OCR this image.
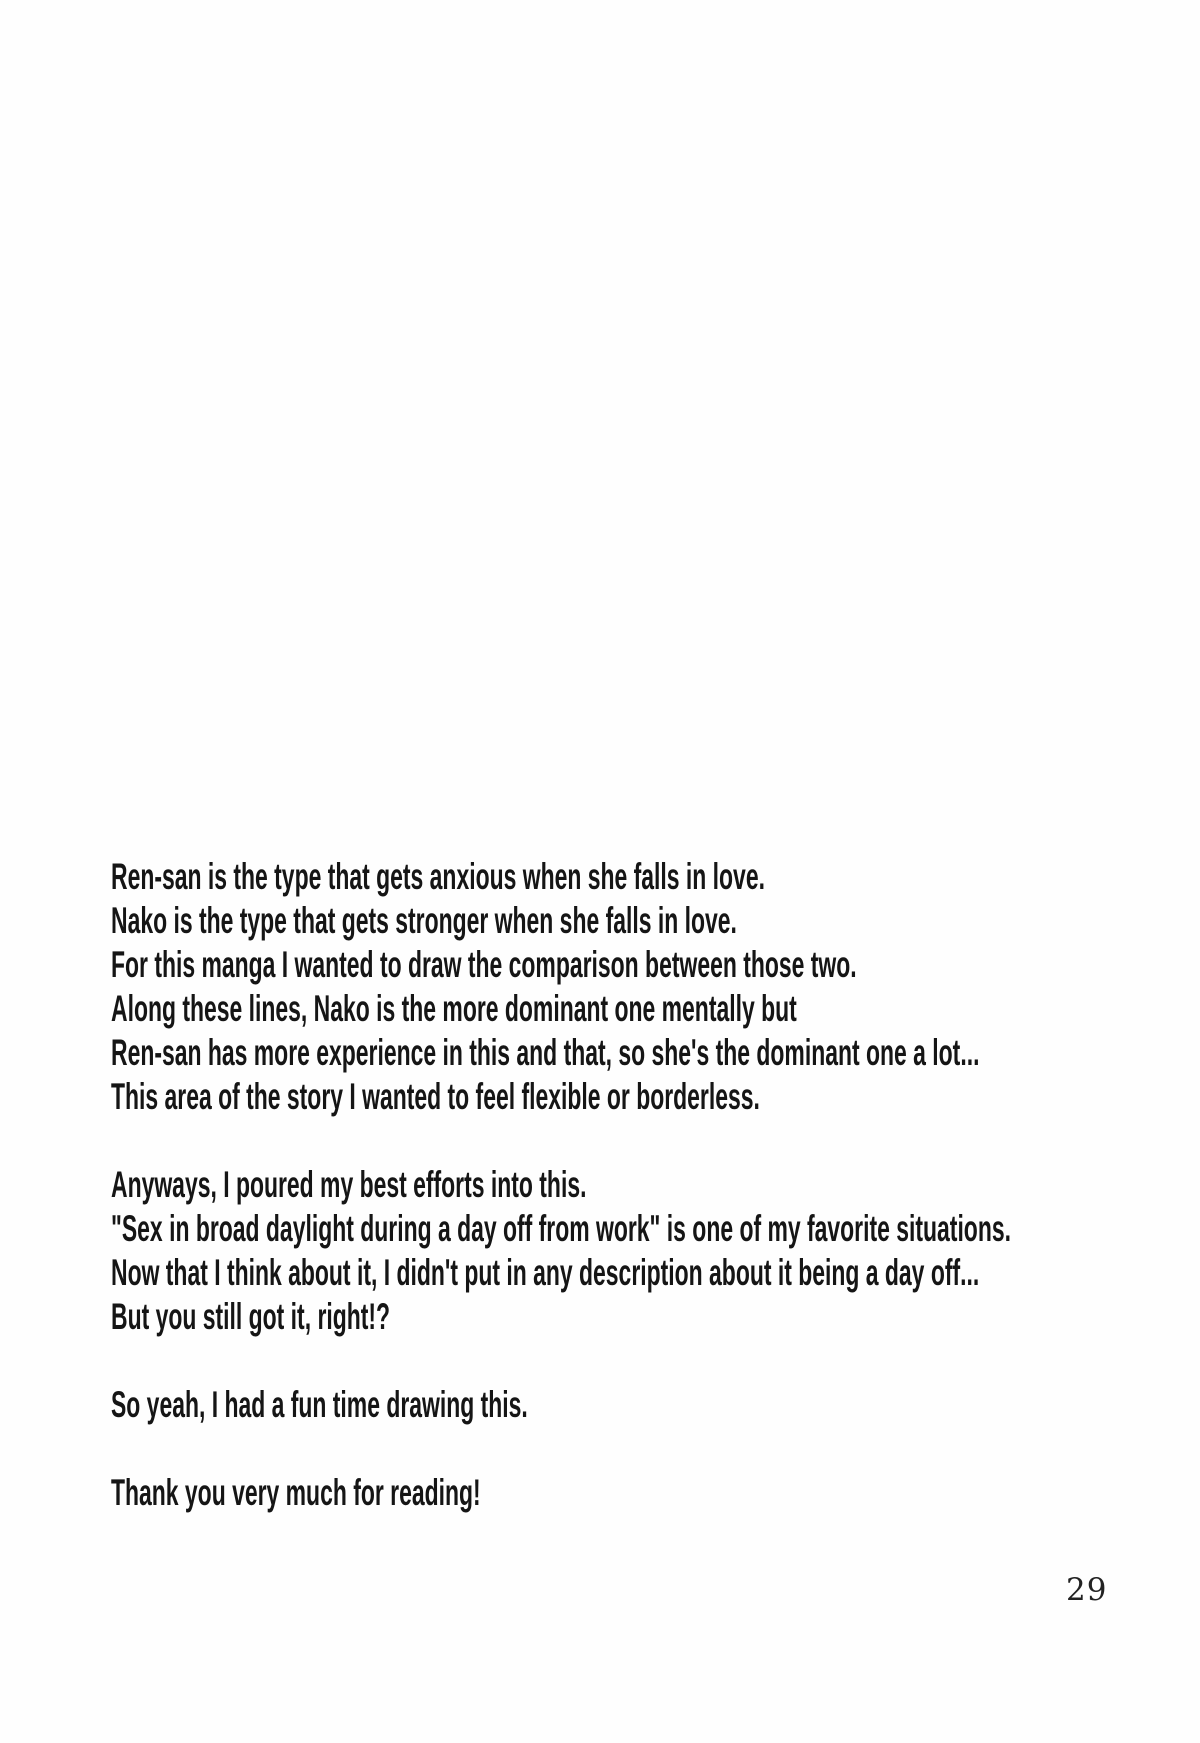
Ren-san is the type that gets anxious when she falls in love.
Nako is the type that gets stronger when she falls in love.
For this manga I wanted to draw the comparison between those two.
Along these lines, Nako is the more dominant one mentally but
Ren-san has more experience in this and that, so she's the dominant one a lot...
This area of the story I wanted to feel flexible or borderless.

Anyways, I poured my best efforts into this.
"Sex in broad daylight during a day off from work" is one of my favorite situations.
Now that I think about it, I didn't put in any description about it being a day off...
But you still got it, right!?

So yeah, I had a fun time drawing this.

Thank you very much for reading!

29
